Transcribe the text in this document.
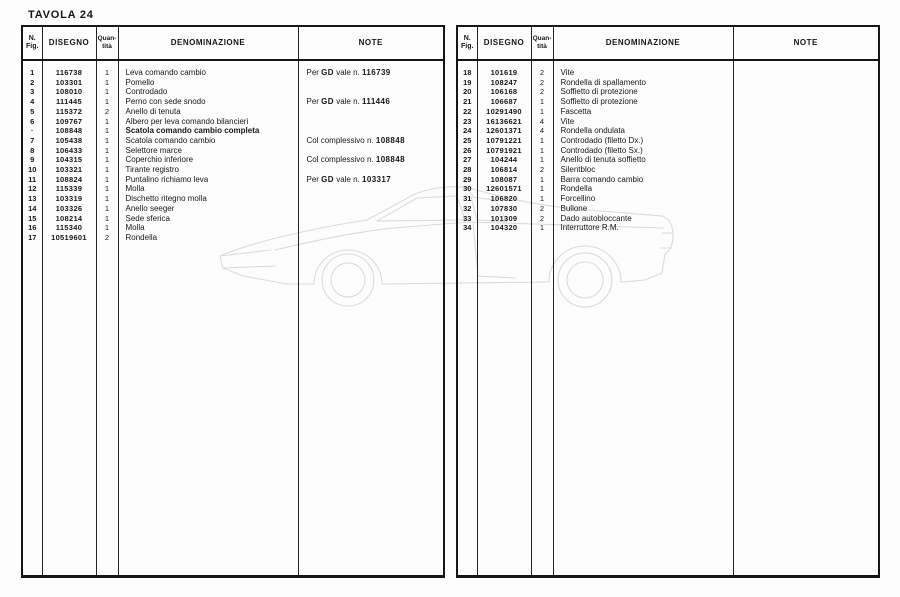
TAVOLA 24
N.
Fig.	DISEGNO	Quan-
tità	DENOMINAZIONE	NOTE

1	116738	1	Leva comando cambio	Per GD vale n. 116739
2	103301	1	Pomello	
3	108010	1	Controdado	
4	111445	1	Perno con sede snodo	Per GD vale n. 111446
5	115372	2	Anello di tenuta	
6	109767	1	Albero per leva comando bilancieri	
·	108848	1	Scatola comando cambio completa	
7	105438	1	Scatola comando cambio	Col complessivo n. 108848
8	106433	1	Selettore marce	
9	104315	1	Coperchio inferiore	Col complessivo n. 108848
10	103321	1	Tirante registro	
11	108824	1	Puntalino richiamo leva	Per GD vale n. 103317
12	115339	1	Molla	
13	103319	1	Dischetto ritegno molla	
14	103326	1	Anello seeger	
15	108214	1	Sede sferica	
16	115340	1	Molla	
17	10519601	2	Rondella	

N.
Fig.	DISEGNO	Quan-
tità	DENOMINAZIONE	NOTE

18	101619	2	Vite	
19	108247	2	Rondella di spallamento	
20	106168	2	Soffietto di protezione	
21	106687	1	Soffietto di protezione	
22	10291490	1	Fascetta	
23	16136621	4	Vite	
24	12601371	4	Rondella ondulata	
25	10791221	1	Controdado (filetto Dx.)	
26	10791921	1	Controdado (filetto Sx.)	
27	104244	1	Anello di tenuta soffietto	
28	106814	2	Silentbloc	
29	108087	1	Barra comando cambio	
30	12601571	1	Rondella	
31	106820	1	Forcellino	
32	107830	2	Bullone	
33	101309	2	Dado autobloccante	
34	104320	1	Interruttore R.M.	
